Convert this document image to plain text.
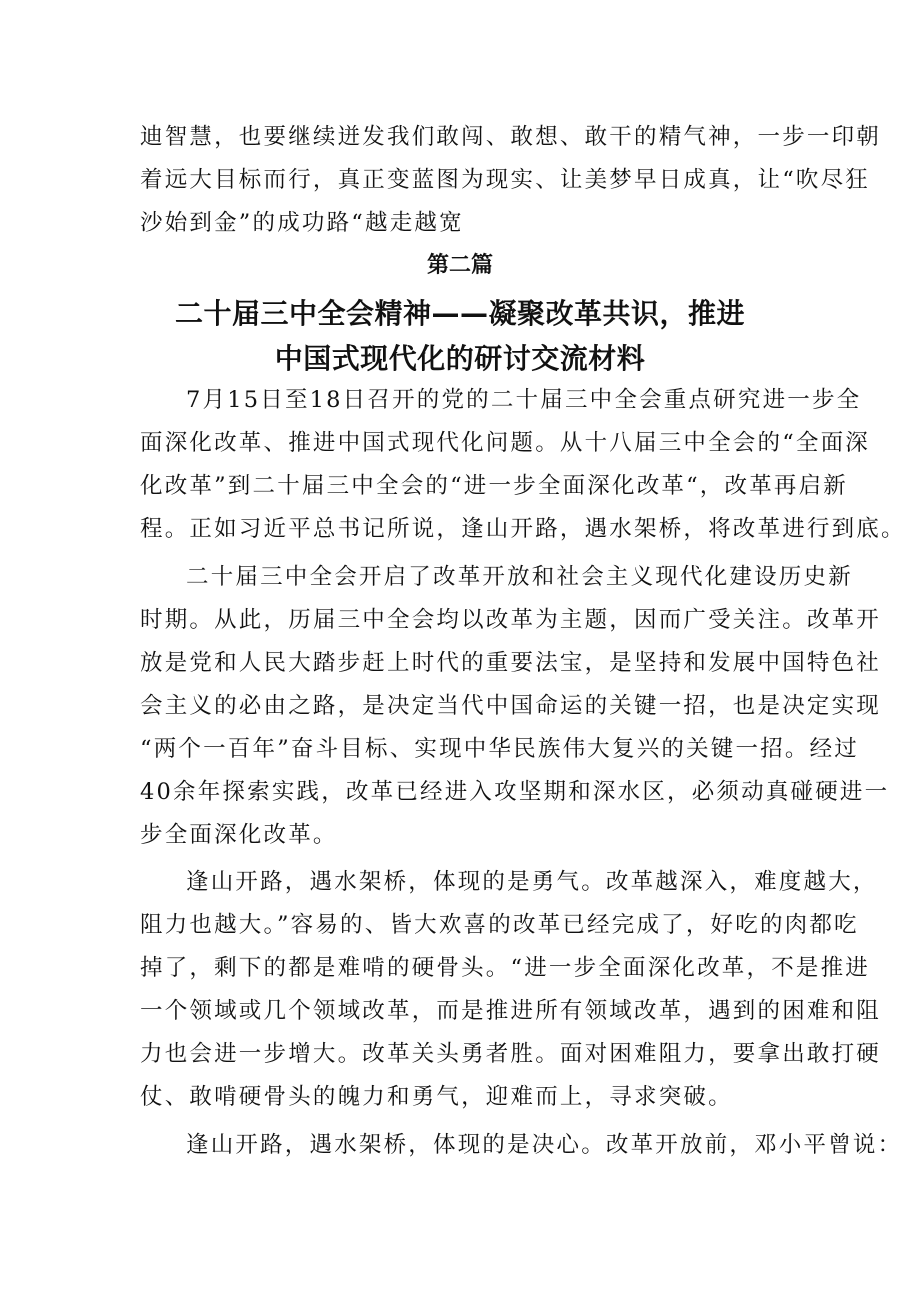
迪智慧，也要继续迸发我们敢闯、敢想、敢干的精气神，一步一印朝
着远大目标而行，真正变蓝图为现实、让美梦早日成真，让“吹尽狂
沙始到金”的成功路“越走越宽
第二篇
二十届三中全会精神——凝聚改革共识，推进
中国式现代化的研讨交流材料
7月15日至18日召开的党的二十届三中全会重点研究进一步全
面深化改革、推进中国式现代化问题。从十八届三中全会的“全面深
化改革”到二十届三中全会的“进一步全面深化改革“，改革再启新
程。正如习近平总书记所说，逢山开路，遇水架桥，将改革进行到底。
二十届三中全会开启了改革开放和社会主义现代化建设历史新
时期。从此，历届三中全会均以改革为主题，因而广受关注。改革开
放是党和人民大踏步赶上时代的重要法宝，是坚持和发展中国特色社
会主义的必由之路，是决定当代中国命运的关键一招，也是决定实现
“两个一百年”奋斗目标、实现中华民族伟大复兴的关键一招。经过
40余年探索实践，改革已经进入攻坚期和深水区，必须动真碰硬进一
步全面深化改革。
逢山开路，遇水架桥，体现的是勇气。改革越深入，难度越大，
阻力也越大。”容易的、皆大欢喜的改革已经完成了，好吃的肉都吃
掉了，剩下的都是难啃的硬骨头。“进一步全面深化改革，不是推进
一个领域或几个领域改革，而是推进所有领域改革，遇到的困难和阻
力也会进一步增大。改革关头勇者胜。面对困难阻力，要拿出敢打硬
仗、敢啃硬骨头的魄力和勇气，迎难而上，寻求突破。
逢山开路，遇水架桥，体现的是决心。改革开放前，邓小平曾说：
